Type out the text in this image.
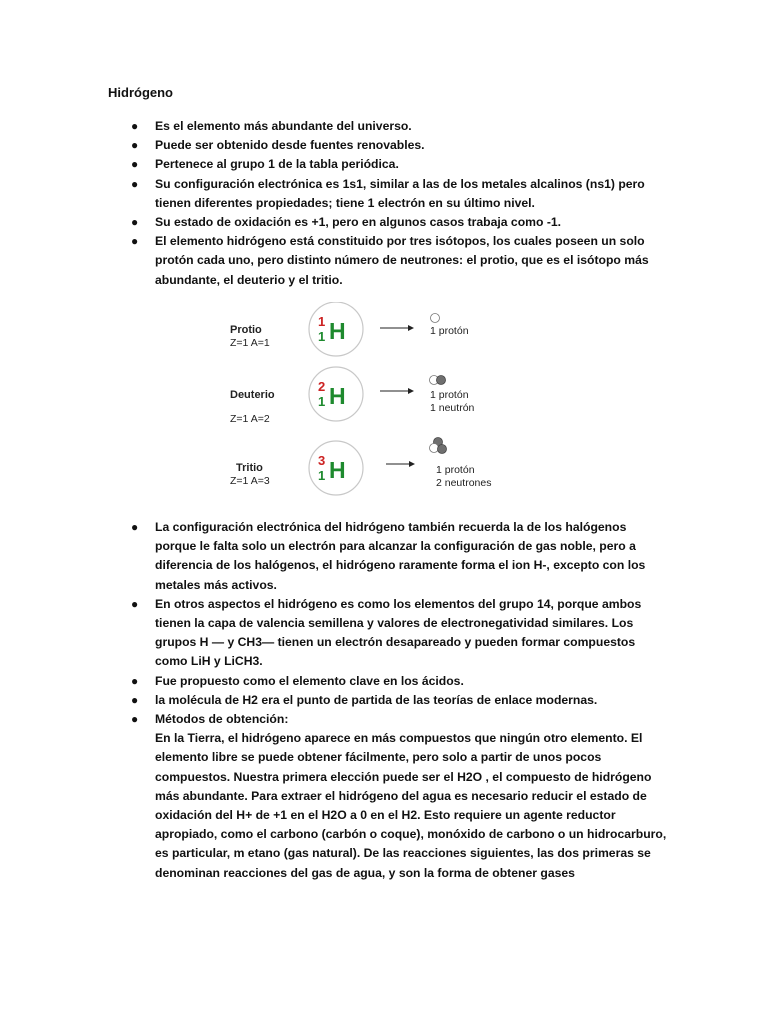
Hidrógeno
● Es el elemento más abundante del universo.
● Puede ser obtenido desde fuentes renovables.
● Pertenece al grupo 1 de la tabla periódica.
● Su configuración electrónica es 1s1, similar a las de los metales alcalinos (ns1) pero tienen diferentes propiedades; tiene 1 electrón en su último nivel.
● Su estado de oxidación es +1, pero en algunos casos trabaja como -1.
● El elemento hidrógeno está constituido por tres isótopos, los cuales poseen un solo protón cada uno, pero distinto número de neutrones: el protio, que es el isótopo más abundante, el deuterio y el tritio.
Protio
Z=1 A=1
1
1 H	1 protón
Deuterio
Z=1 A=2
2
1 H	1 protón
1 neutrón
Tritio
Z=1 A=3
3
1 H	1 protón
2 neutrones
● La configuración electrónica del hidrógeno también recuerda la de los halógenos porque le falta solo un electrón para alcanzar la configuración de gas noble, pero a diferencia de los halógenos, el hidrógeno raramente forma el ion H-, excepto con los metales más activos.
● En otros aspectos el hidrógeno es como los elementos del grupo 14, porque ambos tienen la capa de valencia semillena y valores de electronegatividad similares. Los grupos H — y CH3— tienen un electrón desapareado y pueden formar compuestos como LiH y LiCH3.
● Fue propuesto como el elemento clave en los ácidos.
● la molécula de H2 era el punto de partida de las teorías de enlace modernas.
● Métodos de obtención:
En la Tierra, el hidrógeno aparece en más compuestos que ningún otro elemento. El elemento libre se puede obtener fácilmente, pero solo a partir de unos pocos compuestos. Nuestra primera elección puede ser el H2O , el compuesto de hidrógeno más abundante. Para extraer el hidrógeno del agua es necesario reducir el estado de oxidación del H+ de +1 en el H2O a 0 en el H2. Esto requiere un agente reductor apropiado, como el carbono (carbón o coque), monóxido de carbono o un hidrocarburo, es particular, m etano (gas natural). De las reacciones siguientes, las dos primeras se denominan reacciones del gas de agua, y son la forma de obtener gases
